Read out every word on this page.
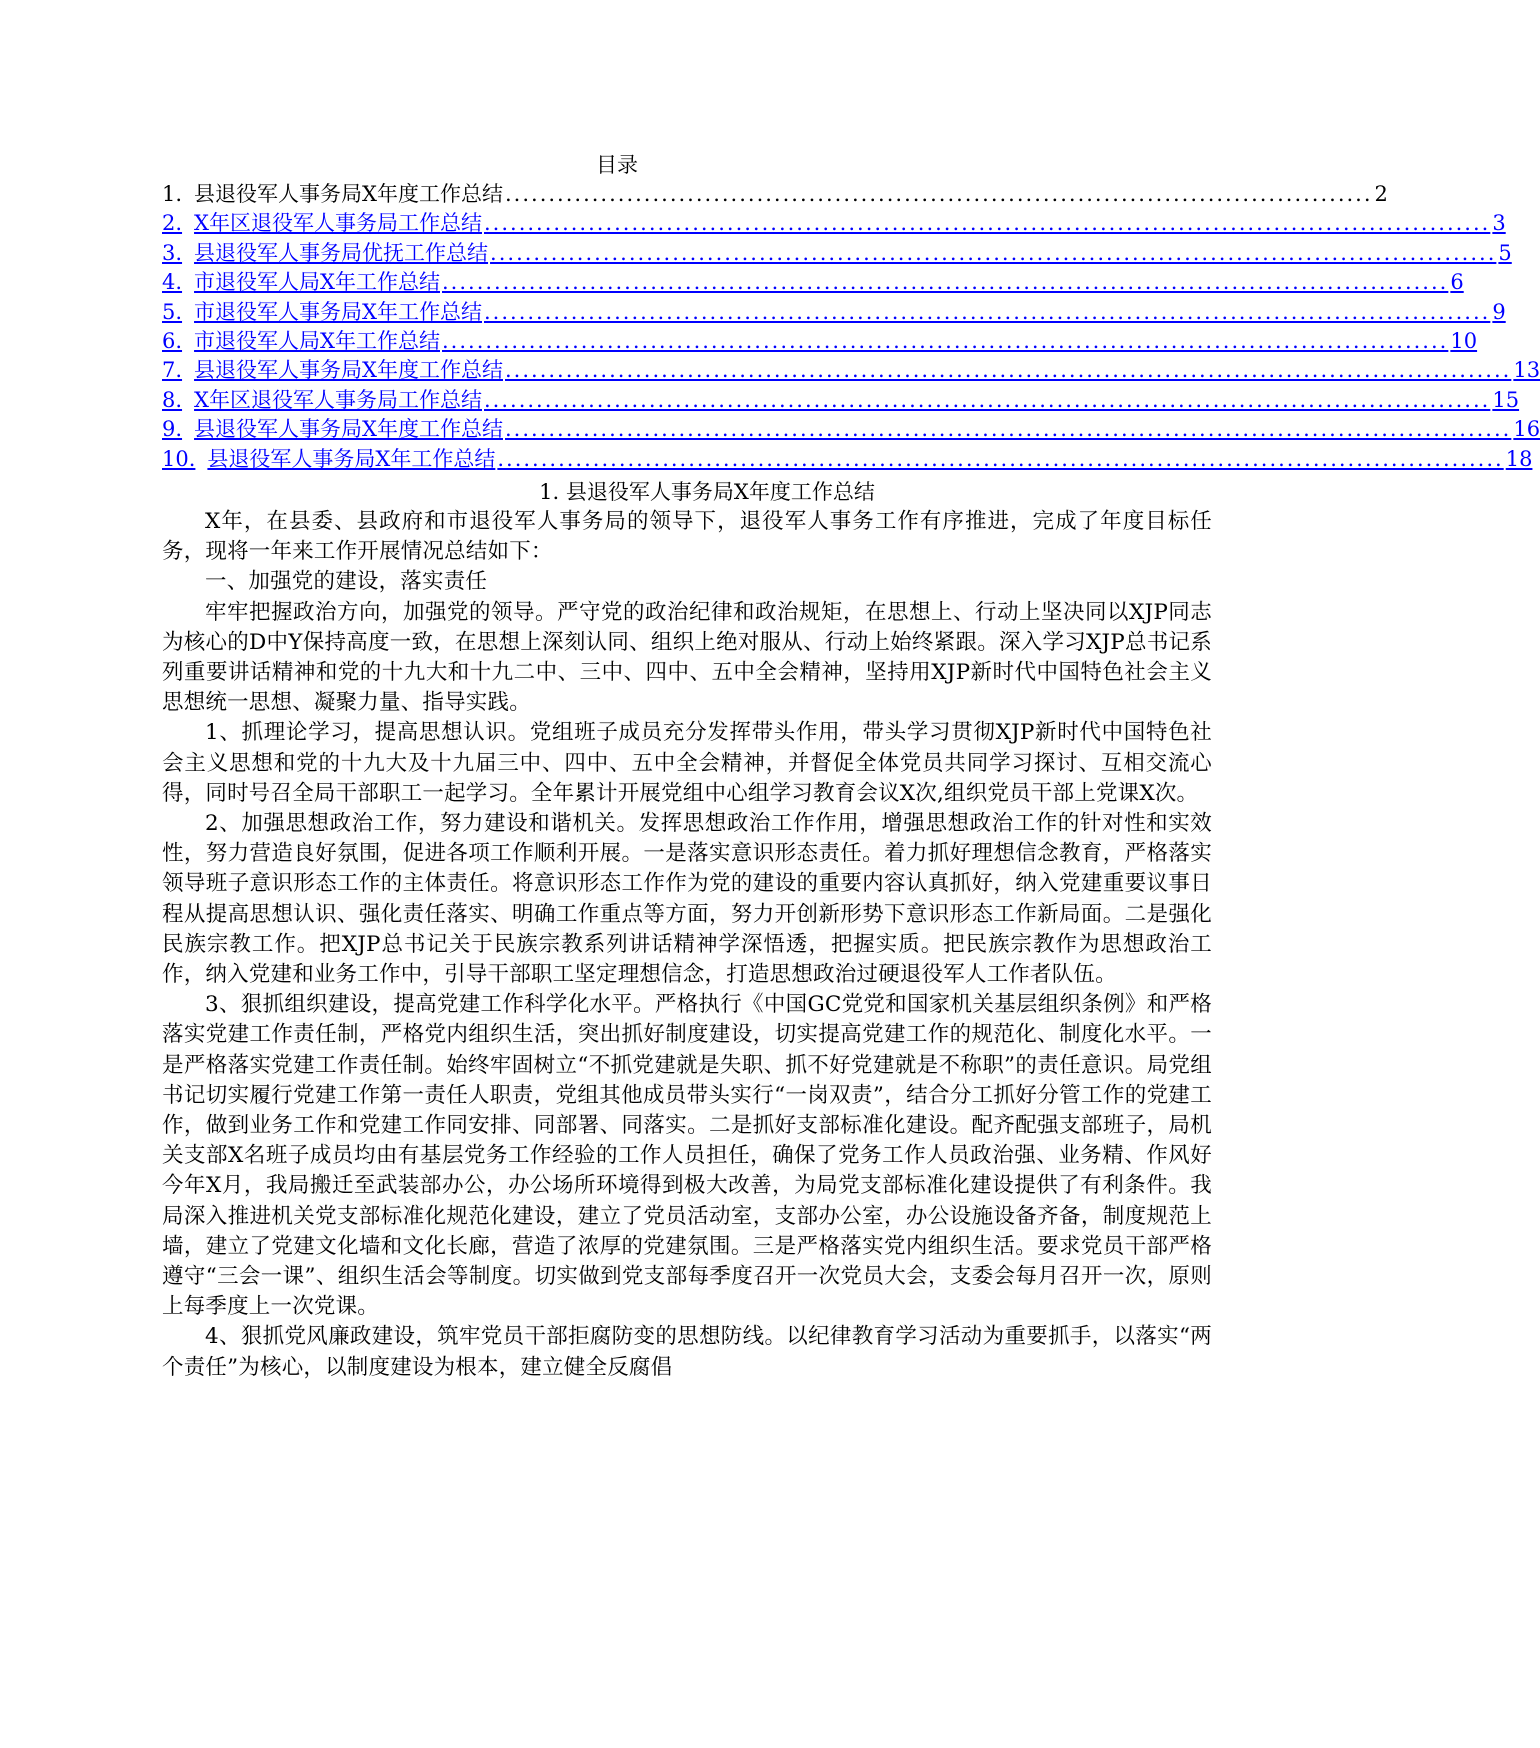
目录
1. 县退役军人事务局X年度工作总结 .................................................................................................... 2
2. X年区退役军人事务局工作总结 .................................................................................................................... 3
3. 县退役军人事务局优抚工作总结 .................................................................................................................... 5
4. 市退役军人局X年工作总结 .................................................................................................................... 6
5. 市退役军人事务局X年工作总结 .................................................................................................................... 9
6. 市退役军人局X年工作总结 .................................................................................................................... 10
7. 县退役军人事务局X年度工作总结 .................................................................................................................... 13
8. X年区退役军人事务局工作总结 .................................................................................................................... 15
9. 县退役军人事务局X年度工作总结 .................................................................................................................... 16
10. 县退役军人事务局X年工作总结 .................................................................................................................... 18
1. 县退役军人事务局X年度工作总结

X年，在县委、县政府和市退役军人事务局的领导下，退役军人事务工作有序推进，完成了年度目标任务，现将一年来工作开展情况总结如下：

一、加强党的建设，落实责任

牢牢把握政治方向，加强党的领导。严守党的政治纪律和政治规矩，在思想上、行动上坚决同以XJP同志为核心的D中Y保持高度一致，在思想上深刻认同、组织上绝对服从、行动上始终紧跟。深入学习XJP总书记系列重要讲话精神和党的十九大和十九二中、三中、四中、五中全会精神，坚持用XJP新时代中国特色社会主义思想统一思想、凝聚力量、指导实践。

1、抓理论学习，提高思想认识。党组班子成员充分发挥带头作用，带头学习贯彻XJP新时代中国特色社会主义思想和党的十九大及十九届三中、四中、五中全会精神，并督促全体党员共同学习探讨、互相交流心得，同时号召全局干部职工一起学习。全年累计开展党组中心组学习教育会议X次,组织党员干部上党课X次。

2、加强思想政治工作，努力建设和谐机关。发挥思想政治工作作用，增强思想政治工作的针对性和实效性，努力营造良好氛围，促进各项工作顺利开展。一是落实意识形态责任。着力抓好理想信念教育，严格落实领导班子意识形态工作的主体责任。将意识形态工作作为党的建设的重要内容认真抓好，纳入党建重要议事日程从提高思想认识、强化责任落实、明确工作重点等方面，努力开创新形势下意识形态工作新局面。二是强化民族宗教工作。把XJP总书记关于民族宗教系列讲话精神学深悟透，把握实质。把民族宗教作为思想政治工作，纳入党建和业务工作中，引导干部职工坚定理想信念，打造思想政治过硬退役军人工作者队伍。

3、狠抓组织建设，提高党建工作科学化水平。严格执行《中国GC党党和国家机关基层组织条例》和严格落实党建工作责任制，严格党内组织生活，突出抓好制度建设，切实提高党建工作的规范化、制度化水平。一是严格落实党建工作责任制。始终牢固树立“不抓党建就是失职、抓不好党建就是不称职”的责任意识。局党组书记切实履行党建工作第一责任人职责，党组其他成员带头实行“一岗双责”，结合分工抓好分管工作的党建工作，做到业务工作和党建工作同安排、同部署、同落实。二是抓好支部标准化建设。配齐配强支部班子，局机关支部X名班子成员均由有基层党务工作经验的工作人员担任，确保了党务工作人员政治强、业务精、作风好今年X月，我局搬迁至武装部办公，办公场所环境得到极大改善，为局党支部标准化建设提供了有利条件。我局深入推进机关党支部标准化规范化建设，建立了党员活动室，支部办公室，办公设施设备齐备，制度规范上墙，建立了党建文化墙和文化长廊，营造了浓厚的党建氛围。三是严格落实党内组织生活。要求党员干部严格遵守“三会一课”、组织生活会等制度。切实做到党支部每季度召开一次党员大会，支委会每月召开一次，原则上每季度上一次党课。

4、狠抓党风廉政建设，筑牢党员干部拒腐防变的思想防线。以纪律教育学习活动为重要抓手，以落实“两个责任”为核心，以制度建设为根本，建立健全反腐倡
